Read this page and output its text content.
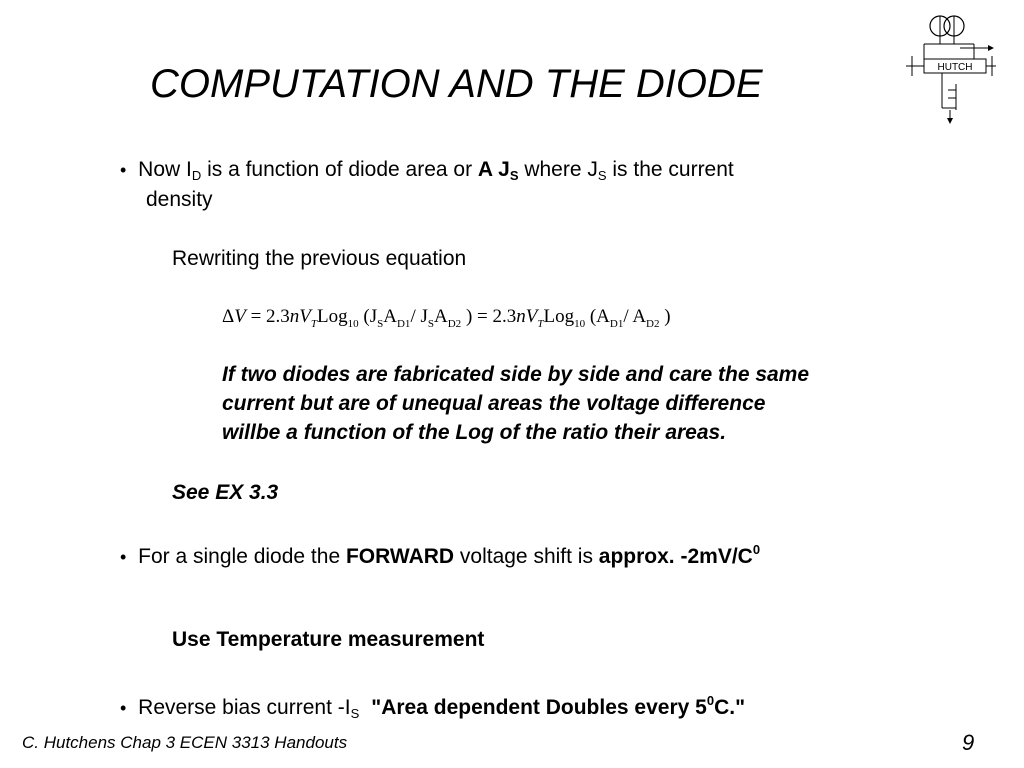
COMPUTATION AND THE DIODE	HUTCH
• Now $I_D$ is a function of diode area or A $J_S$ where $J_S$ is the current
density
Rewriting the previous equation
$\Delta V = 2.3nV_TLog_{10}$ ($J_SA_{D1}/$ $J_SA_{D2}$ ) = $2.3nV_TLog_{10}$ ($A_{D1}/$ $A_{D2}$ )
If two diodes are fabricated side by side and care the same
current but are of unequal areas the voltage difference
willbe a function of the Log of the ratio their areas.
See EX 3.3
• For a single diode the FORWARD voltage shift is approx. $-2mV/C^0$
Use Temperature measurement
• Reverse bias current $-I_S$ "Area dependent Doubles every $5^0C$."
C. Hutchens Chap 3 ECEN 3313 Handouts	9
